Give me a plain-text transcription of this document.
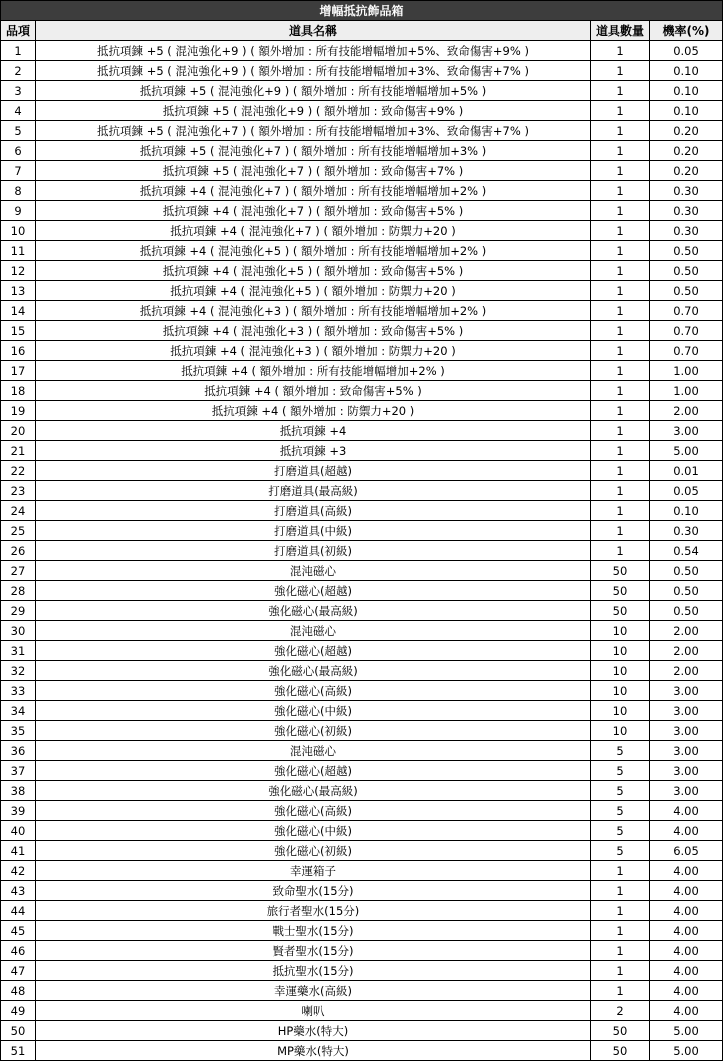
增幅抵抗飾品箱			
品項	道具名稱	道具數量	機率(%)
1	抵抗項鍊 +5 ( 混沌強化+9 ) ( 額外增加 : 所有技能增幅增加+5%、致命傷害+9% )	1	0.05
2	抵抗項鍊 +5 ( 混沌強化+9 ) ( 額外增加 : 所有技能增幅增加+3%、致命傷害+7% )	1	0.10
3	抵抗項鍊 +5 ( 混沌強化+9 ) ( 額外增加 : 所有技能增幅增加+5% )	1	0.10
4	抵抗項鍊 +5 ( 混沌強化+9 ) ( 額外增加 : 致命傷害+9% )	1	0.10
5	抵抗項鍊 +5 ( 混沌強化+7 ) ( 額外增加 : 所有技能增幅增加+3%、致命傷害+7% )	1	0.20
6	抵抗項鍊 +5 ( 混沌強化+7 ) ( 額外增加 : 所有技能增幅增加+3% )	1	0.20
7	抵抗項鍊 +5 ( 混沌強化+7 ) ( 額外增加 : 致命傷害+7% )	1	0.20
8	抵抗項鍊 +4 ( 混沌強化+7 ) ( 額外增加 : 所有技能增幅增加+2% )	1	0.30
9	抵抗項鍊 +4 ( 混沌強化+7 ) ( 額外增加 : 致命傷害+5% )	1	0.30
10	抵抗項鍊 +4 ( 混沌強化+7 ) ( 額外增加 : 防禦力+20 )	1	0.30
11	抵抗項鍊 +4 ( 混沌強化+5 ) ( 額外增加 : 所有技能增幅增加+2% )	1	0.50
12	抵抗項鍊 +4 ( 混沌強化+5 ) ( 額外增加 : 致命傷害+5% )	1	0.50
13	抵抗項鍊 +4 ( 混沌強化+5 ) ( 額外增加 : 防禦力+20 )	1	0.50
14	抵抗項鍊 +4 ( 混沌強化+3 ) ( 額外增加 : 所有技能增幅增加+2% )	1	0.70
15	抵抗項鍊 +4 ( 混沌強化+3 ) ( 額外增加 : 致命傷害+5% )	1	0.70
16	抵抗項鍊 +4 ( 混沌強化+3 ) ( 額外增加 : 防禦力+20 )	1	0.70
17	抵抗項鍊 +4 ( 額外增加 : 所有技能增幅增加+2% )	1	1.00
18	抵抗項鍊 +4 ( 額外增加 : 致命傷害+5% )	1	1.00
19	抵抗項鍊 +4 ( 額外增加 : 防禦力+20 )	1	2.00
20	抵抗項鍊 +4	1	3.00
21	抵抗項鍊 +3	1	5.00
22	打磨道具(超越)	1	0.01
23	打磨道具(最高級)	1	0.05
24	打磨道具(高級)	1	0.10
25	打磨道具(中級)	1	0.30
26	打磨道具(初級)	1	0.54
27	混沌磁心	50	0.50
28	強化磁心(超越)	50	0.50
29	強化磁心(最高級)	50	0.50
30	混沌磁心	10	2.00
31	強化磁心(超越)	10	2.00
32	強化磁心(最高級)	10	2.00
33	強化磁心(高級)	10	3.00
34	強化磁心(中級)	10	3.00
35	強化磁心(初級)	10	3.00
36	混沌磁心	5	3.00
37	強化磁心(超越)	5	3.00
38	強化磁心(最高級)	5	3.00
39	強化磁心(高級)	5	4.00
40	強化磁心(中級)	5	4.00
41	強化磁心(初級)	5	6.05
42	幸運箱子	1	4.00
43	致命聖水(15分)	1	4.00
44	旅行者聖水(15分)	1	4.00
45	戰士聖水(15分)	1	4.00
46	賢者聖水(15分)	1	4.00
47	抵抗聖水(15分)	1	4.00
48	幸運藥水(高級)	1	4.00
49	喇叭	2	4.00
50	HP藥水(特大)	50	5.00
51	MP藥水(特大)	50	5.00
